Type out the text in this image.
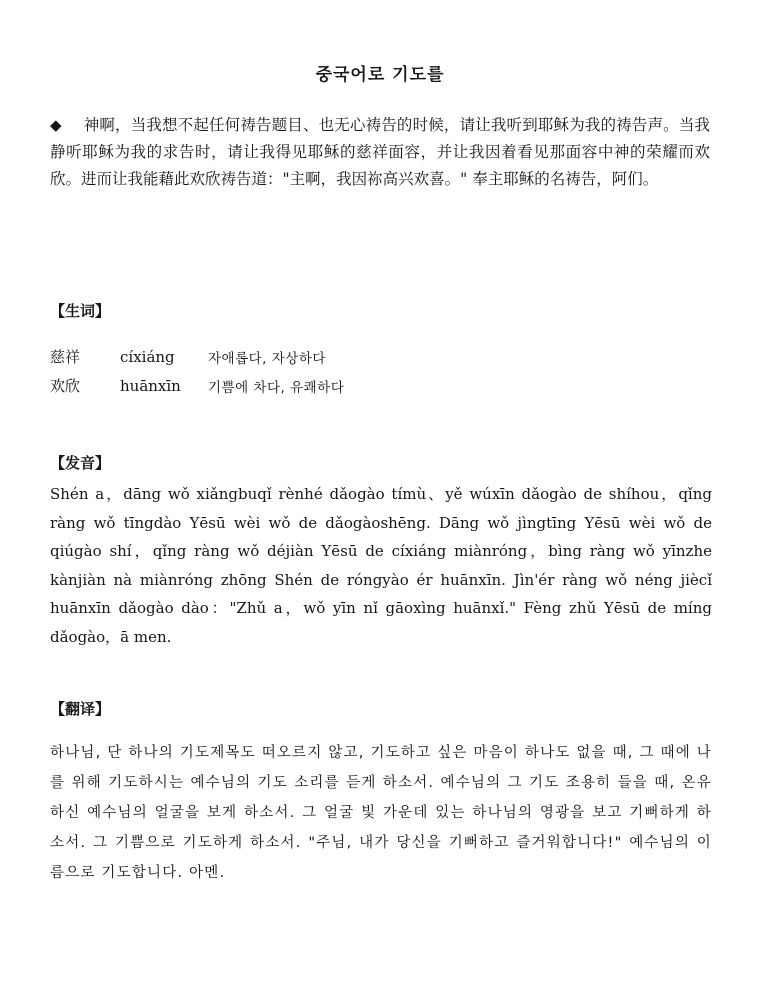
중국어로 기도를
◆ 神啊，当我想不起任何祷告题目、也无心祷告的时候，请让我听到耶稣为我的祷告声。当我静听耶稣为我的求告时，请让我得见耶稣的慈祥面容，并让我因着看见那面容中神的荣耀而欢欣。进而让我能藉此欢欣祷告道："主啊，我因祢高兴欢喜。" 奉主耶稣的名祷告，阿们。
【生词】
慈祥	cíxiáng	자애롭다, 자상하다
欢欣	huānxīn	기쁨에 차다, 유쾌하다
【发音】
Shén a，dāng wǒ xiǎngbuqǐ rènhé dǎogào tímù、yě wúxīn dǎogào de shíhou，qǐng ràng wǒ tīngdào Yēsū wèi wǒ de dǎogàoshēng. Dāng wǒ jìngtīng Yēsū wèi wǒ de qiúgào shí，qǐng ràng wǒ déjiàn Yēsū de cíxiáng miànróng，bìng ràng wǒ yīnzhe kànjiàn nà miànróng zhōng Shén de róngyào ér huānxīn. Jìn'ér ràng wǒ néng jiècǐ huānxīn dǎogào dào："Zhǔ a，wǒ yīn nǐ gāoxìng huānxǐ." Fèng zhǔ Yēsū de míng dǎogào，ā men.
【翻译】
하나님, 단 하나의 기도제목도 떠오르지 않고, 기도하고 싶은 마음이 하나도 없을 때, 그 때에 나를 위해 기도하시는 예수님의 기도 소리를 듣게 하소서. 예수님의 그 기도 조용히 들을 때, 온유하신 예수님의 얼굴을 보게 하소서. 그 얼굴 빛 가운데 있는 하나님의 영광을 보고 기뻐하게 하소서. 그 기쁨으로 기도하게 하소서. "주님, 내가 당신을 기뻐하고 즐거워합니다!" 예수님의 이름으로 기도합니다. 아멘.
